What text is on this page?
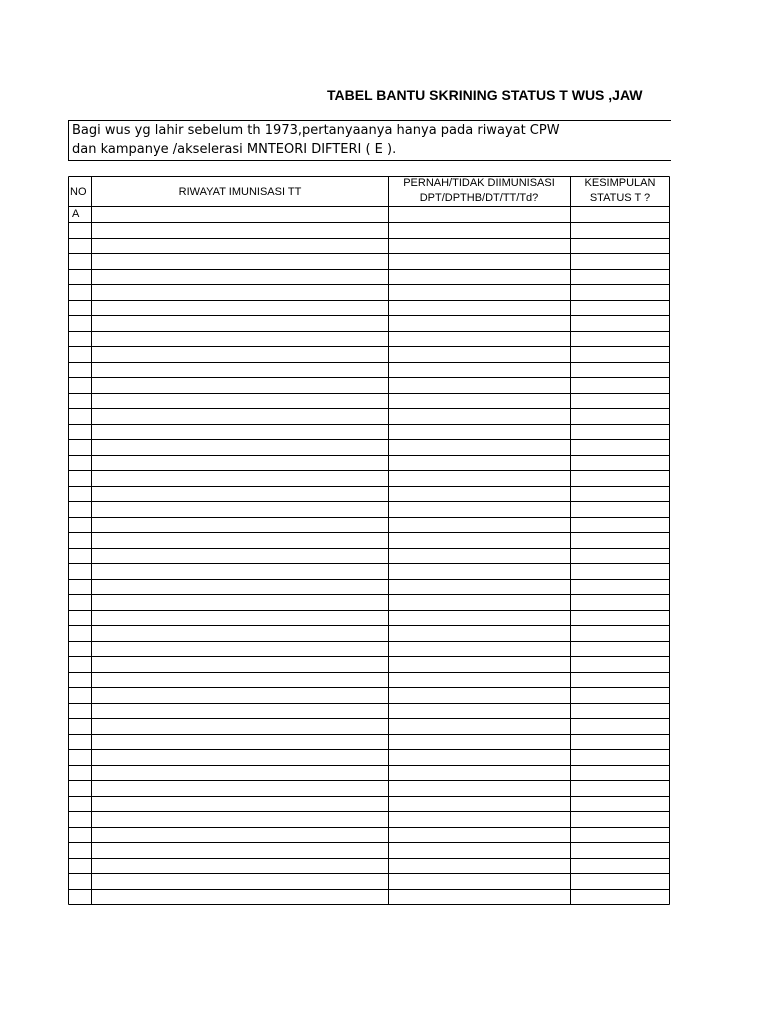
TABEL BANTU SKRINING STATUS T WUS ,JAW
Bagi wus yg lahir sebelum th 1973,pertanyaanya hanya pada riwayat CPW
dan kampanye /akselerasi MNTEORI DIFTERI ( E ).
NO	RIWAYAT IMUNISASI TT
PERNAH/TIDAK DIIMUNISASI
DPT/DPTHB/DT/TT/Td?
KESIMPULAN
STATUS T ?
A
